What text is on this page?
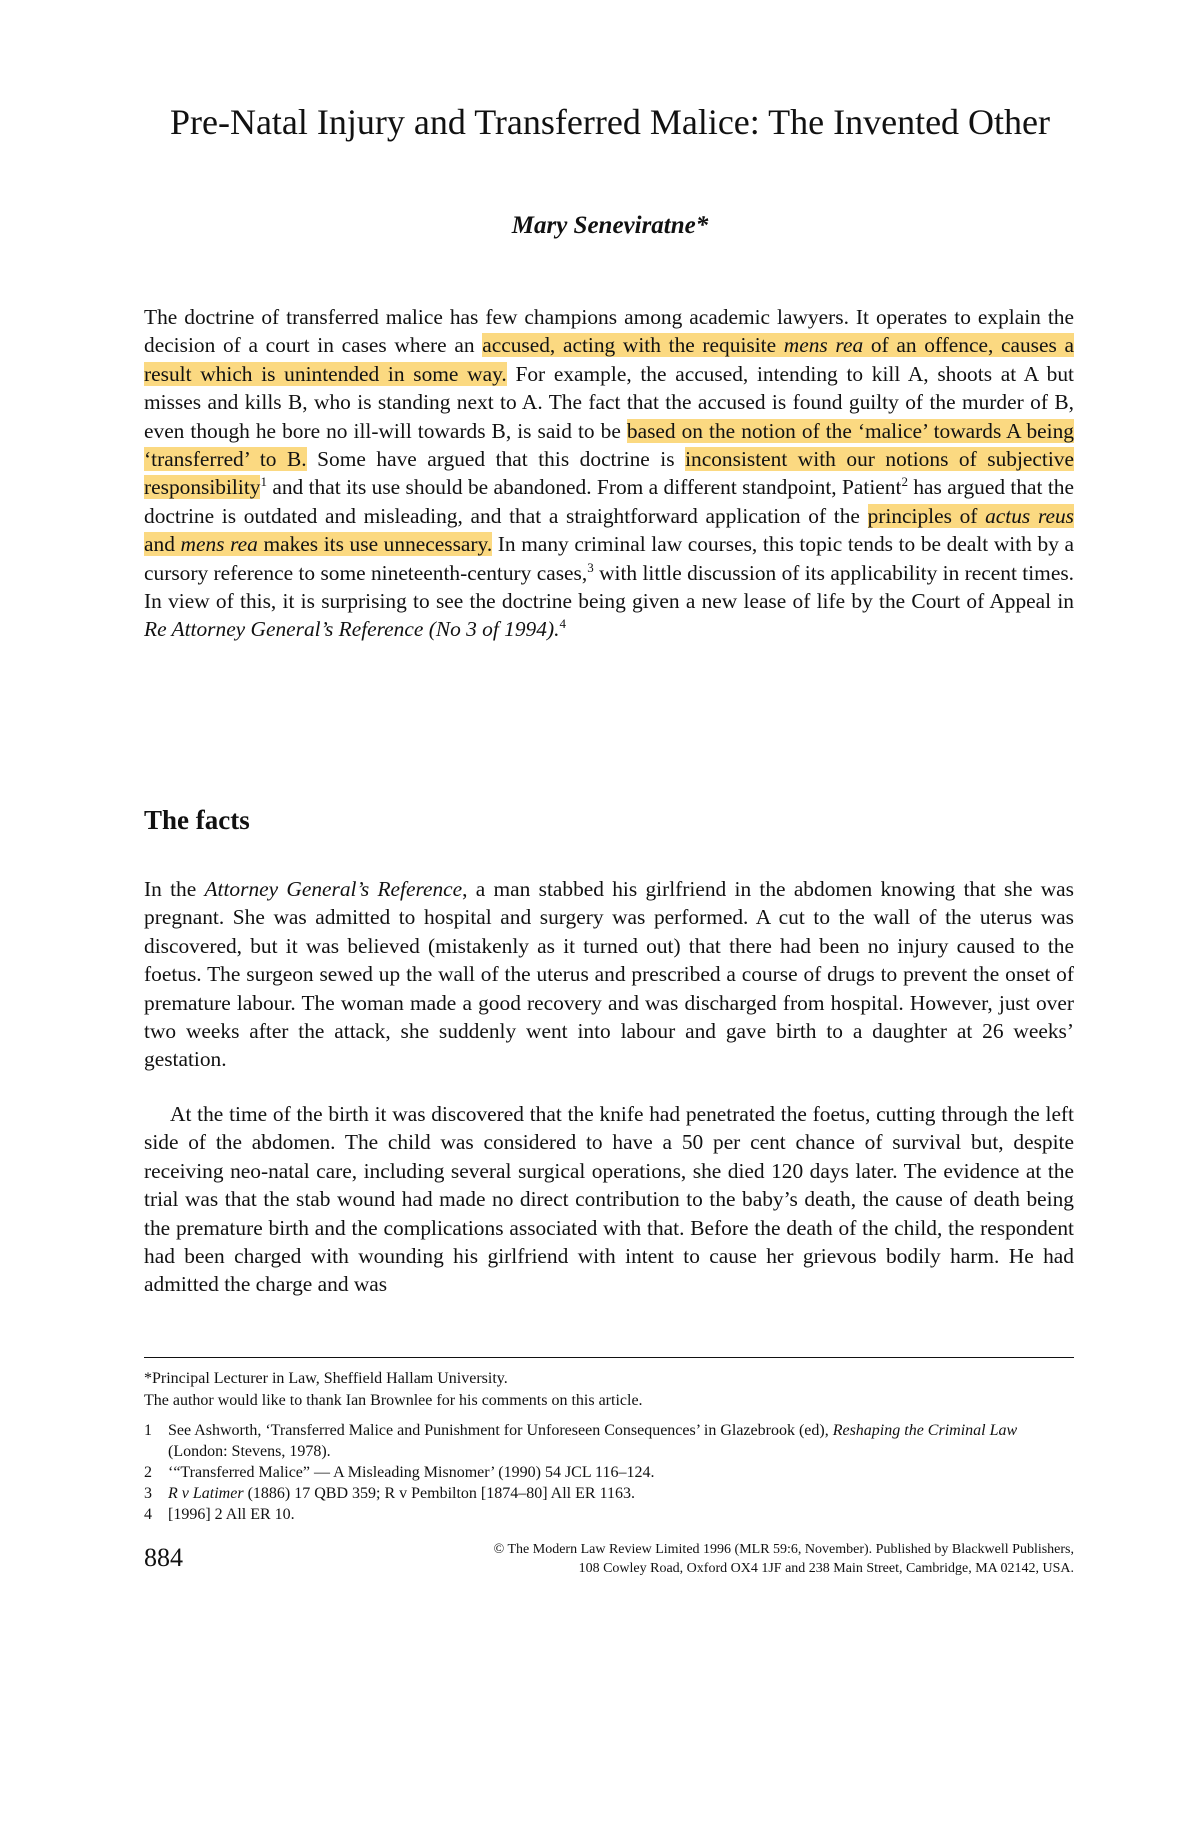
Pre-Natal Injury and Transferred Malice: The Invented Other

Mary Seneviratne*

The doctrine of transferred malice has few champions among academic lawyers. It operates to explain the decision of a court in cases where an accused, acting with the requisite mens rea of an offence, causes a result which is unintended in some way. For example, the accused, intending to kill A, shoots at A but misses and kills B, who is standing next to A. The fact that the accused is found guilty of the murder of B, even though he bore no ill-will towards B, is said to be based on the notion of the ‘malice’ towards A being ‘transferred’ to B. Some have argued that this doctrine is inconsistent with our notions of subjective responsibility$^1$ and that its use should be abandoned. From a different standpoint, Patient$^2$ has argued that the doctrine is outdated and misleading, and that a straightforward application of the principles of actus reus and mens rea makes its use unnecessary. In many criminal law courses, this topic tends to be dealt with by a cursory reference to some nineteenth-century cases,$^3$ with little discussion of its applicability in recent times. In view of this, it is surprising to see the doctrine being given a new lease of life by the Court of Appeal in Re Attorney General’s Reference (No 3 of 1994).$^4$

The facts

In the Attorney General’s Reference, a man stabbed his girlfriend in the abdomen knowing that she was pregnant. She was admitted to hospital and surgery was performed. A cut to the wall of the uterus was discovered, but it was believed (mistakenly as it turned out) that there had been no injury caused to the foetus. The surgeon sewed up the wall of the uterus and prescribed a course of drugs to prevent the onset of premature labour. The woman made a good recovery and was discharged from hospital. However, just over two weeks after the attack, she suddenly went into labour and gave birth to a daughter at 26 weeks’ gestation.

At the time of the birth it was discovered that the knife had penetrated the foetus, cutting through the left side of the abdomen. The child was considered to have a 50 per cent chance of survival but, despite receiving neo-natal care, including several surgical operations, she died 120 days later. The evidence at the trial was that the stab wound had made no direct contribution to the baby’s death, the cause of death being the premature birth and the complications associated with that. Before the death of the child, the respondent had been charged with wounding his girlfriend with intent to cause her grievous bodily harm. He had admitted the charge and was

*Principal Lecturer in Law, Sheffield Hallam University.

The author would like to thank Ian Brownlee for his comments on this article.

1	See Ashworth, ‘Transferred Malice and Punishment for Unforeseen Consequences’ in Glazebrook (ed), Reshaping the Criminal Law (London: Stevens, 1978).
2	‘“Transferred Malice” — A Misleading Misnomer’ (1990) 54 JCL 116–124.
3	R v Latimer (1886) 17 QBD 359; R v Pembilton [1874–80] All ER 1163.
4	[1996] 2 All ER 10.

884	© The Modern Law Review Limited 1996 (MLR 59:6, November). Published by Blackwell Publishers,
108 Cowley Road, Oxford OX4 1JF and 238 Main Street, Cambridge, MA 02142, USA.
